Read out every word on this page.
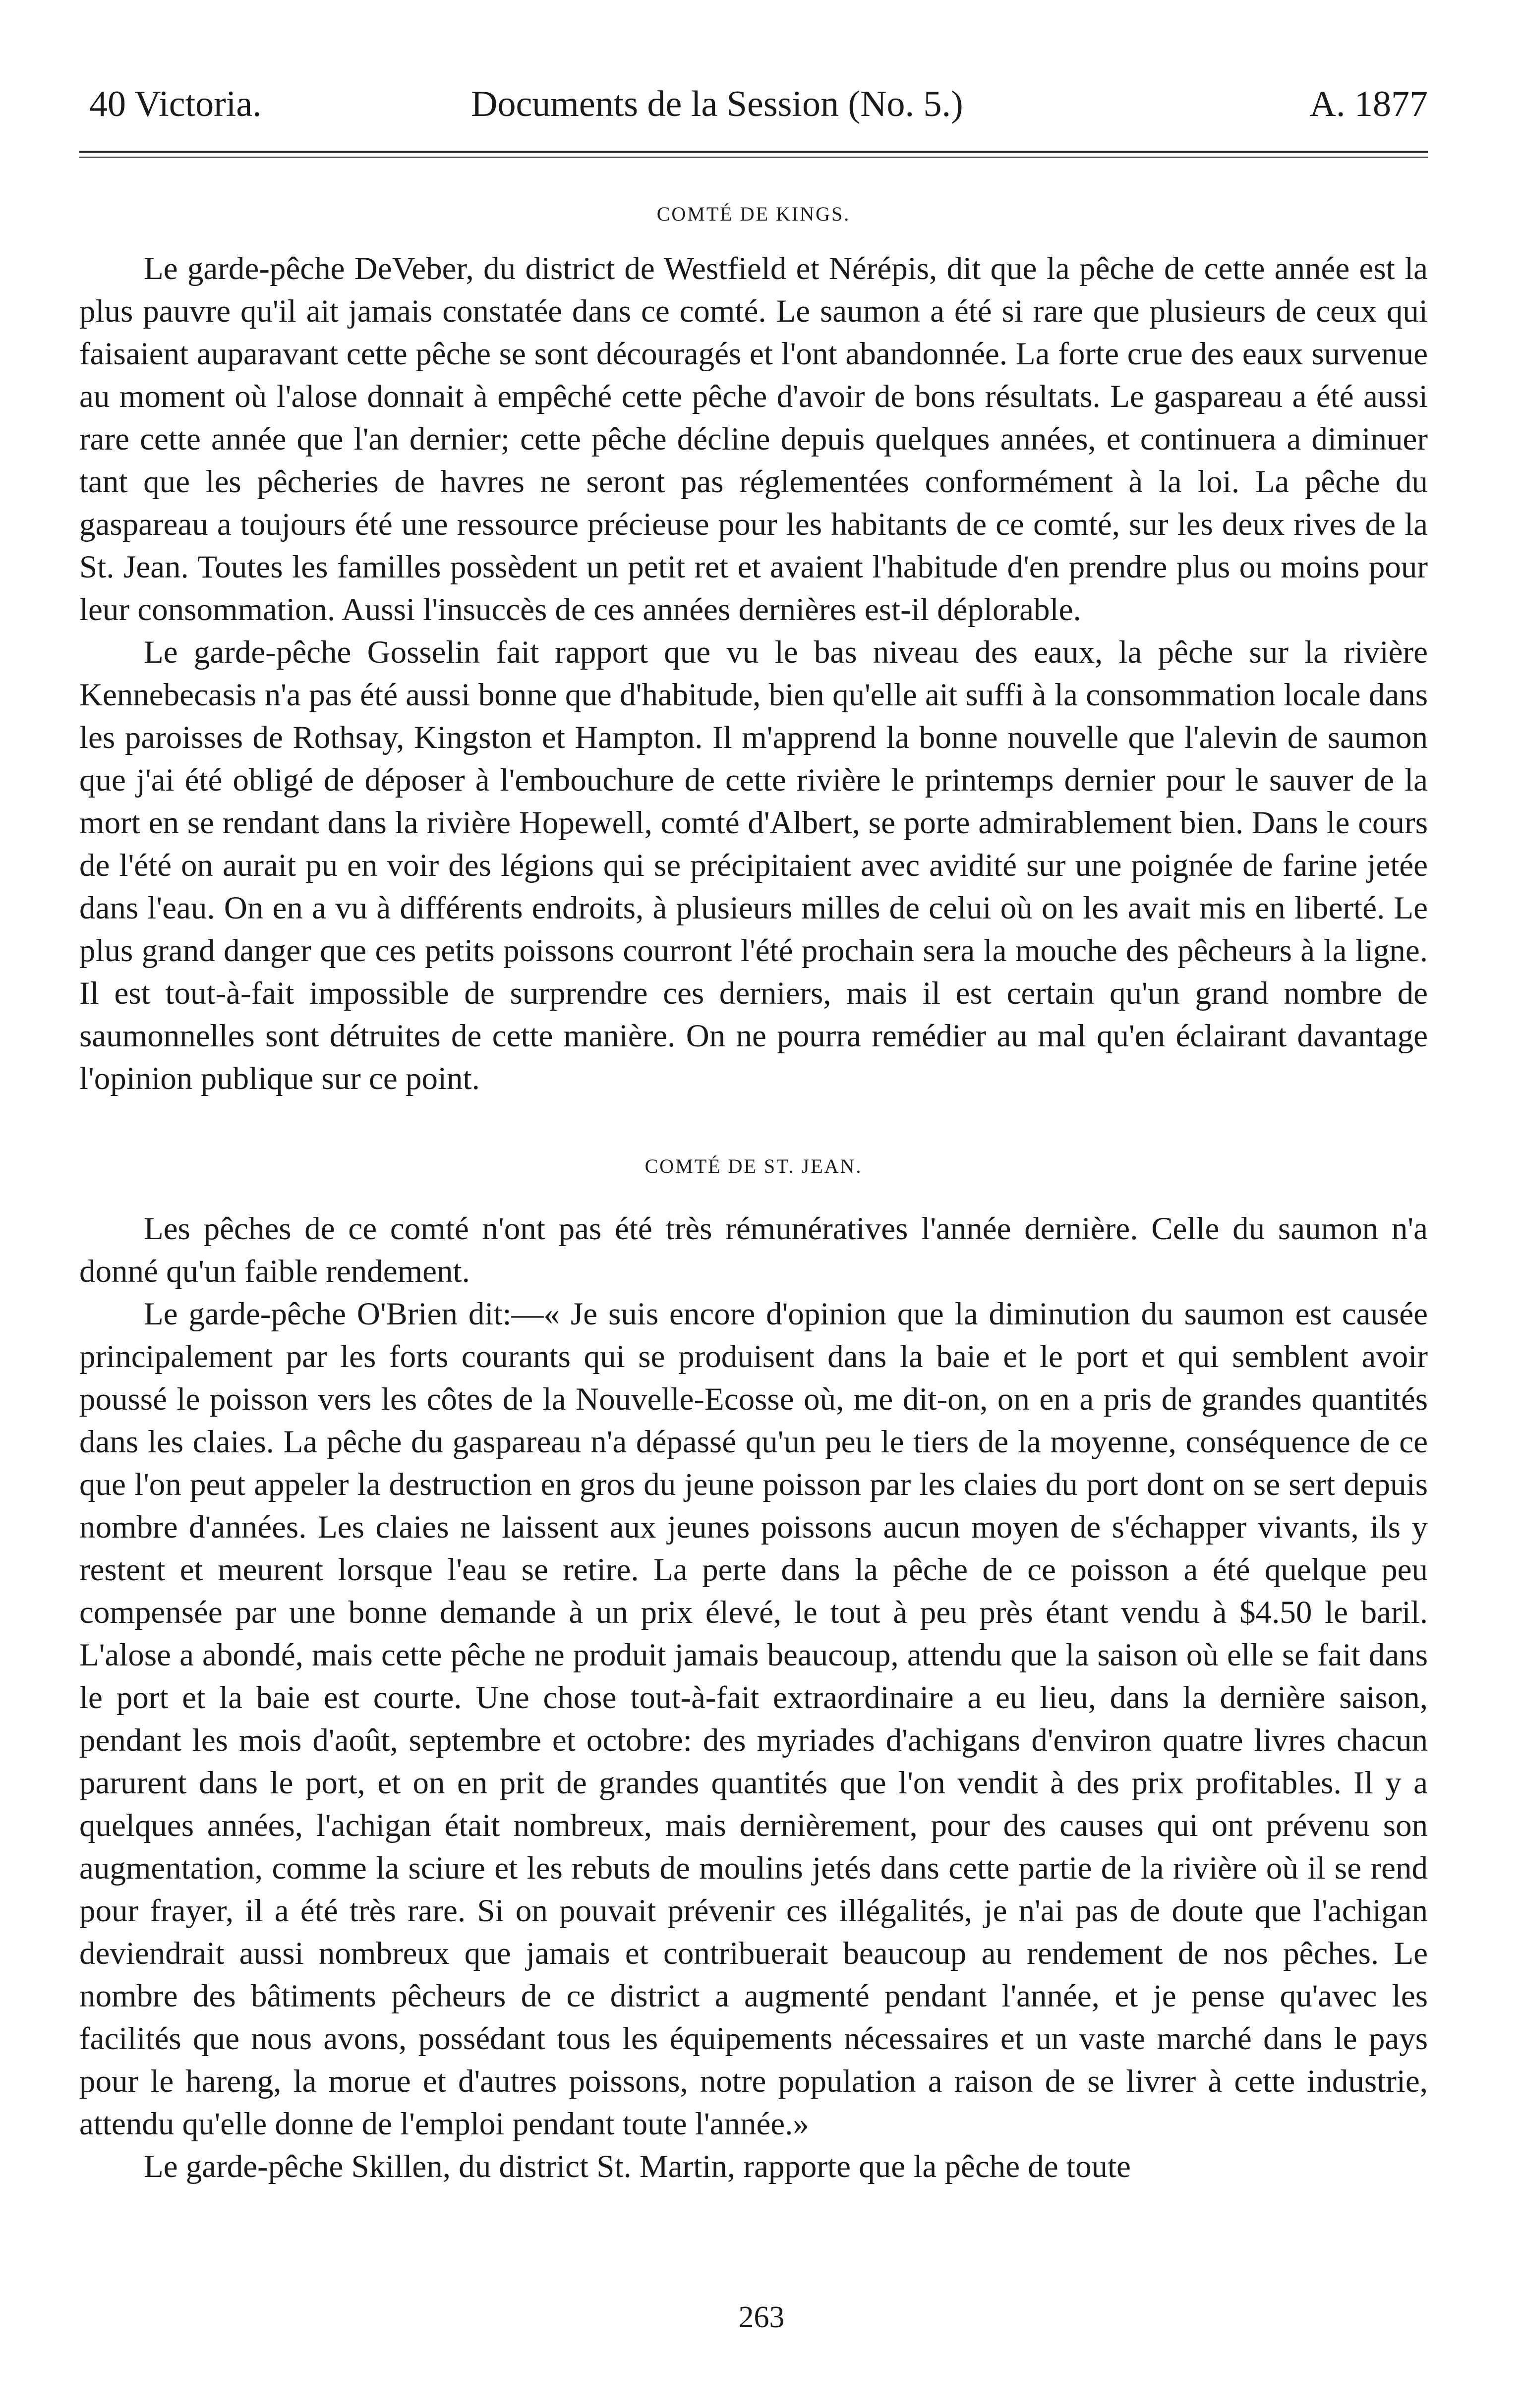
40 Victoria.	Documents de la Session (No. 5.)	A. 1877
COMTÉ DE KINGS.

Le garde-pêche DeVeber, du district de Westfield et Nérépis, dit que la pêche de cette année est la plus pauvre qu'il ait jamais constatée dans ce comté. Le saumon a été si rare que plusieurs de ceux qui faisaient auparavant cette pêche se sont découragés et l'ont abandonnée. La forte crue des eaux survenue au moment où l'alose donnait à empêché cette pêche d'avoir de bons résultats. Le gaspareau a été aussi rare cette année que l'an dernier; cette pêche décline depuis quelques années, et continuera a diminuer tant que les pêcheries de havres ne seront pas réglementées conformément à la loi. La pêche du gaspareau a toujours été une ressource précieuse pour les habitants de ce comté, sur les deux rives de la St. Jean. Toutes les familles possèdent un petit ret et avaient l'habitude d'en prendre plus ou moins pour leur consommation. Aussi l'insuccès de ces années dernières est-il déplorable.

Le garde-pêche Gosselin fait rapport que vu le bas niveau des eaux, la pêche sur la rivière Kennebecasis n'a pas été aussi bonne que d'habitude, bien qu'elle ait suffi à la consommation locale dans les paroisses de Rothsay, Kingston et Hampton. Il m'apprend la bonne nouvelle que l'alevin de saumon que j'ai été obligé de déposer à l'embouchure de cette rivière le printemps dernier pour le sauver de la mort en se rendant dans la rivière Hopewell, comté d'Albert, se porte admirablement bien. Dans le cours de l'été on aurait pu en voir des légions qui se précipitaient avec avidité sur une poignée de farine jetée dans l'eau. On en a vu à différents endroits, à plusieurs milles de celui où on les avait mis en liberté. Le plus grand danger que ces petits poissons courront l'été prochain sera la mouche des pêcheurs à la ligne. Il est tout-à-fait impossible de surprendre ces derniers, mais il est certain qu'un grand nombre de saumonnelles sont détruites de cette manière. On ne pourra remédier au mal qu'en éclairant davantage l'opinion publique sur ce point.

COMTÉ DE ST. JEAN.

Les pêches de ce comté n'ont pas été très rémunératives l'année dernière. Celle du saumon n'a donné qu'un faible rendement.

Le garde-pêche O'Brien dit:—« Je suis encore d'opinion que la diminution du saumon est causée principalement par les forts courants qui se produisent dans la baie et le port et qui semblent avoir poussé le poisson vers les côtes de la Nouvelle-Ecosse où, me dit-on, on en a pris de grandes quantités dans les claies. La pêche du gaspareau n'a dépassé qu'un peu le tiers de la moyenne, conséquence de ce que l'on peut appeler la destruction en gros du jeune poisson par les claies du port dont on se sert depuis nombre d'années. Les claies ne laissent aux jeunes poissons aucun moyen de s'échapper vivants, ils y restent et meurent lorsque l'eau se retire. La perte dans la pêche de ce poisson a été quelque peu compensée par une bonne demande à un prix élevé, le tout à peu près étant vendu à $4.50 le baril. L'alose a abondé, mais cette pêche ne produit jamais beaucoup, attendu que la saison où elle se fait dans le port et la baie est courte. Une chose tout-à-fait extraordinaire a eu lieu, dans la dernière saison, pendant les mois d'août, septembre et octobre: des myriades d'achigans d'environ quatre livres chacun parurent dans le port, et on en prit de grandes quantités que l'on vendit à des prix profitables. Il y a quelques années, l'achigan était nombreux, mais dernièrement, pour des causes qui ont prévenu son augmentation, comme la sciure et les rebuts de moulins jetés dans cette partie de la rivière où il se rend pour frayer, il a été très rare. Si on pouvait prévenir ces illégalités, je n'ai pas de doute que l'achigan deviendrait aussi nombreux que jamais et contribuerait beaucoup au rendement de nos pêches. Le nombre des bâtiments pêcheurs de ce district a augmenté pendant l'année, et je pense qu'avec les facilités que nous avons, possédant tous les équipements nécessaires et un vaste marché dans le pays pour le hareng, la morue et d'autres poissons, notre population a raison de se livrer à cette industrie, attendu qu'elle donne de l'emploi pendant toute l'année.»

Le garde-pêche Skillen, du district St. Martin, rapporte que la pêche de toute

263
